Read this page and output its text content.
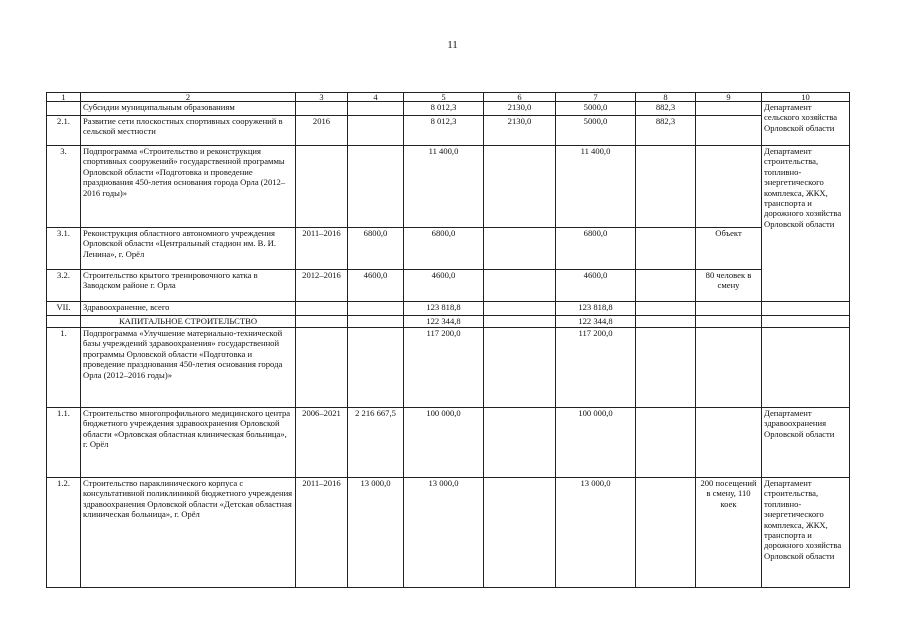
11
1	2	3	4	5	6	7	8	9	10
	Субсидии муниципальным образованиям			8 012,3	2130,0	5000,0	882,3		Департамент сельского хозяйства Орловской области
2.1.	Развитие сети плоскостных спортивных сооружений в сельской местности	2016		8 012,3	2130,0	5000,0	882,3		
3.	Подпрограмма «Строительство и реконструкция спортивных сооружений» государственной программы Орловской области «Подготовка и проведение празднования 450-летия основания города Орла (2012–2016 годы)»			11 400,0		11 400,0			Департамент строительства, топливно-энергетического комплекса, ЖКХ, транспорта и дорожного хозяйства Орловской области
3.1.	Реконструкция областного автономного учреждения Орловской области «Центральный стадион им. В. И. Ленина», г. Орёл	2011–2016	6800,0	6800,0		6800,0		Объект	
3.2.	Строительство крытого тренировочного катка в Заводском районе г. Орла	2012–2016	4600,0	4600,0		4600,0		80 человек в смену	
VII.	Здравоохранение, всего			123 818,8		123 818,8			
	КАПИТАЛЬНОЕ СТРОИТЕЛЬСТВО			122 344,8		122 344,8			
1.	Подпрограмма «Улучшение материально-технической базы учреждений здравоохранения» государственной программы Орловской области «Подготовка и проведение празднования 450-летия основания города Орла (2012–2016 годы)»			117 200,0		117 200,0			
1.1.	Строительство многопрофильного медицинского центра бюджетного учреждения здравоохранения Орловской области «Орловская областная клиническая больница», г. Орёл	2006–2021	2 216 667,5	100 000,0		100 000,0			Департамент здравоохранения Орловской области
1.2.	Строительство параклинического корпуса с консультативной поликлиникой бюджетного учреждения здравоохранения Орловской области «Детская областная клиническая больница», г. Орёл	2011–2016	13 000,0	13 000,0		13 000,0		200 посещений в смену, 110 коек	Департамент строительства, топливно-энергетического комплекса, ЖКХ, транспорта и дорожного хозяйства Орловской области
